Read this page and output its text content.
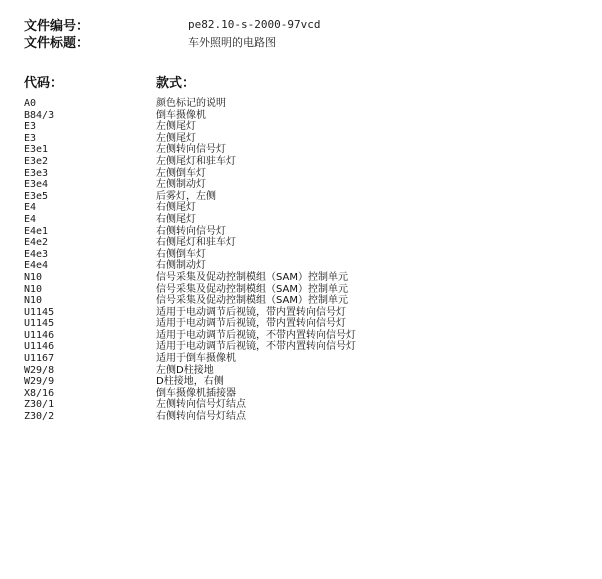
文件编号：	pe82.10-s-2000-97vcd
文件标题：	车外照明的电路图
代码：	款式：
A0	颜色标记的说明
B84/3	倒车摄像机
E3	左侧尾灯
E3	左侧尾灯
E3e1	左侧转向信号灯
E3e2	左侧尾灯和驻车灯
E3e3	左侧倒车灯
E3e4	左侧制动灯
E3e5	后雾灯，左侧
E4	右侧尾灯
E4	右侧尾灯
E4e1	右侧转向信号灯
E4e2	右侧尾灯和驻车灯
E4e3	右侧倒车灯
E4e4	右侧制动灯
N10	信号采集及促动控制模组（SAM）控制单元
N10	信号采集及促动控制模组（SAM）控制单元
N10	信号采集及促动控制模组（SAM）控制单元
U1145	适用于电动调节后视镜，带内置转向信号灯
U1145	适用于电动调节后视镜，带内置转向信号灯
U1146	适用于电动调节后视镜，不带内置转向信号灯
U1146	适用于电动调节后视镜，不带内置转向信号灯
U1167	适用于倒车摄像机
W29/8	左侧D柱接地
W29/9	D柱接地，右侧
X8/16	倒车摄像机插接器
Z30/1	左侧转向信号灯结点
Z30/2	右侧转向信号灯结点
